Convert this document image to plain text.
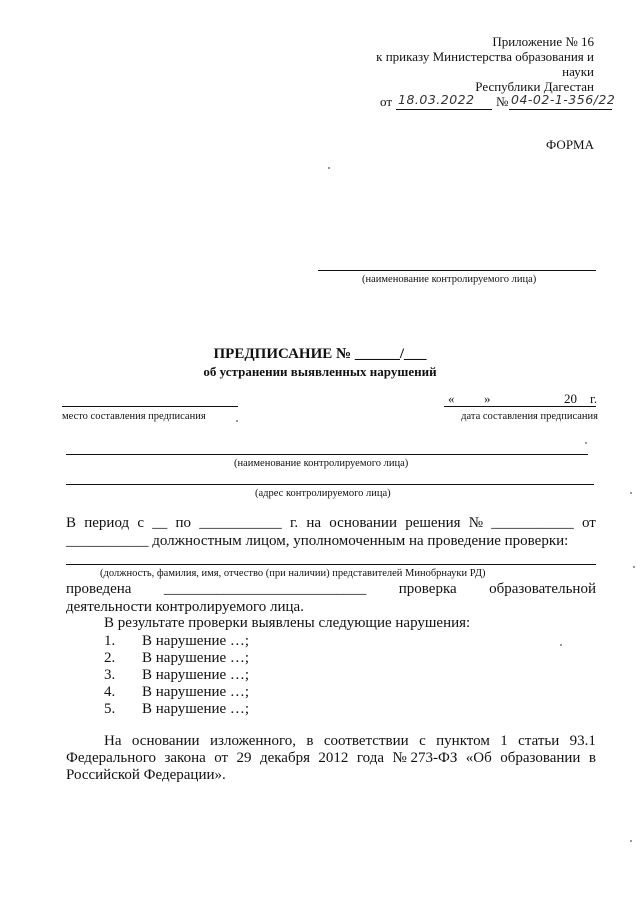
Приложение № 16
к приказу Министерства образования и
науки
Республики Дагестан
от 18.03.2022 № 04-02-1-356/22
ФОРМА
(наименование контролируемого лица)
ПРЕДПИСАНИЕ № ______/___
об устранении выявленных нарушений
« »	20 г.
место составления предписания	дата составления предписания
(наименование контролируемого лица)
(адрес контролируемого лица)
В период с __ по ___________ г. на основании решения № ___________ от
___________ должностным лицом, уполномоченным на проведение проверки:
(должность, фамилия, имя, отчество (при наличии) представителей Минобрнауки РД)
проведена ___________________________ проверка образовательной
деятельности контролируемого лица.
В результате проверки выявлены следующие нарушения:
1. В нарушение …;
2. В нарушение …;
3. В нарушение …;
4. В нарушение …;
5. В нарушение …;
На основании изложенного, в соответствии с пунктом 1 статьи 93.1
Федерального закона от 29 декабря 2012 года № 273-ФЗ «Об образовании в
Российской Федерации».
